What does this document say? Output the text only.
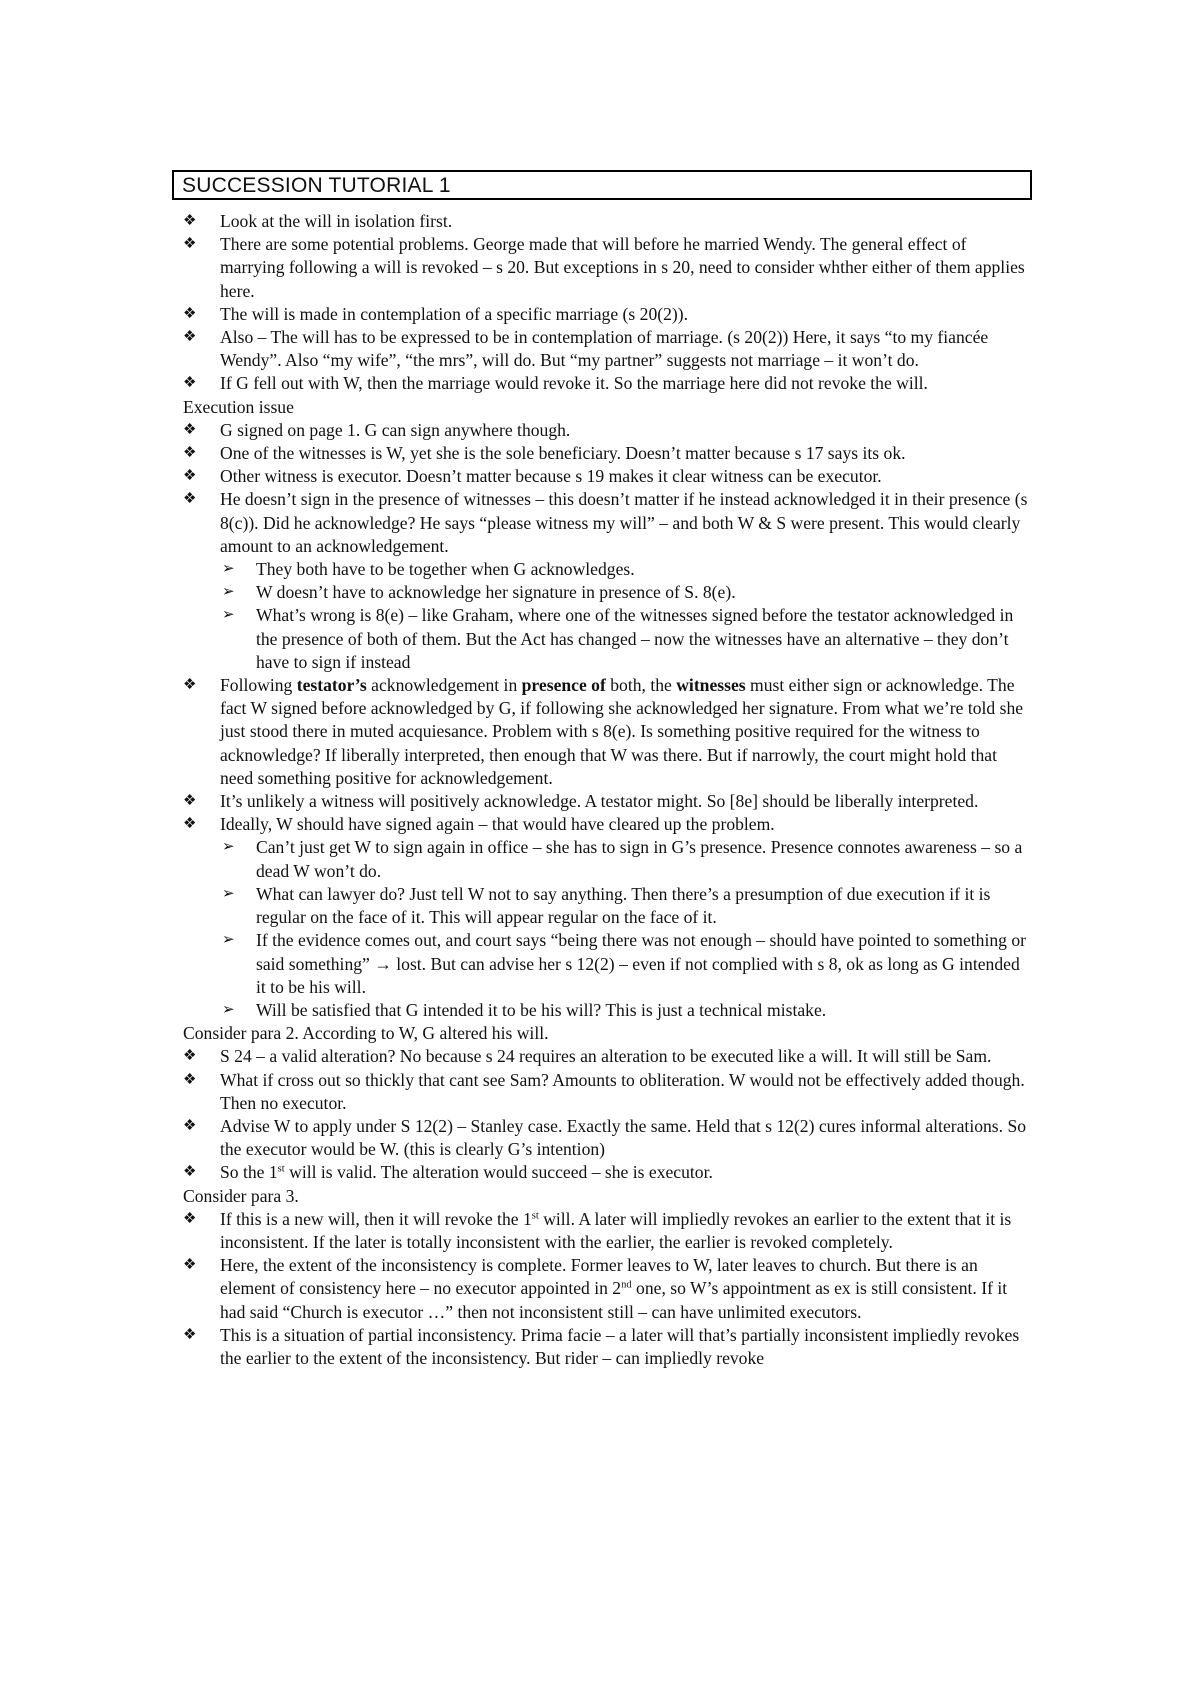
SUCCESSION TUTORIAL 1
❖ Look at the will in isolation first.
❖ There are some potential problems. George made that will before he married Wendy. The general effect of marrying following a will is revoked – s 20. But exceptions in s 20, need to consider whther either of them applies here.
❖ The will is made in contemplation of a specific marriage (s 20(2)).
❖ Also – The will has to be expressed to be in contemplation of marriage. (s 20(2)) Here, it says “to my fiancée Wendy”. Also “my wife”, “the mrs”, will do. But “my partner” suggests not marriage – it won’t do.
❖ If G fell out with W, then the marriage would revoke it. So the marriage here did not revoke the will.
Execution issue
❖ G signed on page 1. G can sign anywhere though.
❖ One of the witnesses is W, yet she is the sole beneficiary. Doesn’t matter because s 17 says its ok.
❖ Other witness is executor. Doesn’t matter because s 19 makes it clear witness can be executor.
❖ He doesn’t sign in the presence of witnesses – this doesn’t matter if he instead acknowledged it in their presence (s 8(c)). Did he acknowledge? He says “please witness my will” – and both W & S were present. This would clearly amount to an acknowledgement.
➢ They both have to be together when G acknowledges.
➢ W doesn’t have to acknowledge her signature in presence of S. 8(e).
➢ What’s wrong is 8(e) – like Graham, where one of the witnesses signed before the testator acknowledged in the presence of both of them. But the Act has changed – now the witnesses have an alternative – they don’t have to sign if instead
❖ Following testator’s acknowledgement in presence of both, the witnesses must either sign or acknowledge. The fact W signed before acknowledged by G, if following she acknowledged her signature. From what we’re told she just stood there in muted acquiesance. Problem with s 8(e). Is something positive required for the witness to acknowledge? If liberally interpreted, then enough that W was there. But if narrowly, the court might hold that need something positive for acknowledgement.
❖ It’s unlikely a witness will positively acknowledge. A testator might. So [8e] should be liberally interpreted.
❖ Ideally, W should have signed again – that would have cleared up the problem.
➢ Can’t just get W to sign again in office – she has to sign in G’s presence. Presence connotes awareness – so a dead W won’t do.
➢ What can lawyer do? Just tell W not to say anything. Then there’s a presumption of due execution if it is regular on the face of it. This will appear regular on the face of it.
➢ If the evidence comes out, and court says “being there was not enough – should have pointed to something or said something” → lost. But can advise her s 12(2) – even if not complied with s 8, ok as long as G intended it to be his will.
➢ Will be satisfied that G intended it to be his will? This is just a technical mistake.
Consider para 2. According to W, G altered his will.
❖ S 24 – a valid alteration? No because s 24 requires an alteration to be executed like a will. It will still be Sam.
❖ What if cross out so thickly that cant see Sam? Amounts to obliteration. W would not be effectively added though. Then no executor.
❖ Advise W to apply under S 12(2) – Stanley case. Exactly the same. Held that s 12(2) cures informal alterations. So the executor would be W. (this is clearly G’s intention)
❖ So the 1st will is valid. The alteration would succeed – she is executor.
Consider para 3.
❖ If this is a new will, then it will revoke the 1st will. A later will impliedly revokes an earlier to the extent that it is inconsistent. If the later is totally inconsistent with the earlier, the earlier is revoked completely.
❖ Here, the extent of the inconsistency is complete. Former leaves to W, later leaves to church. But there is an element of consistency here – no executor appointed in 2nd one, so W’s appointment as ex is still consistent. If it had said “Church is executor …” then not inconsistent still – can have unlimited executors.
❖ This is a situation of partial inconsistency. Prima facie – a later will that’s partially inconsistent impliedly revokes the earlier to the extent of the inconsistency. But rider – can impliedly revoke
